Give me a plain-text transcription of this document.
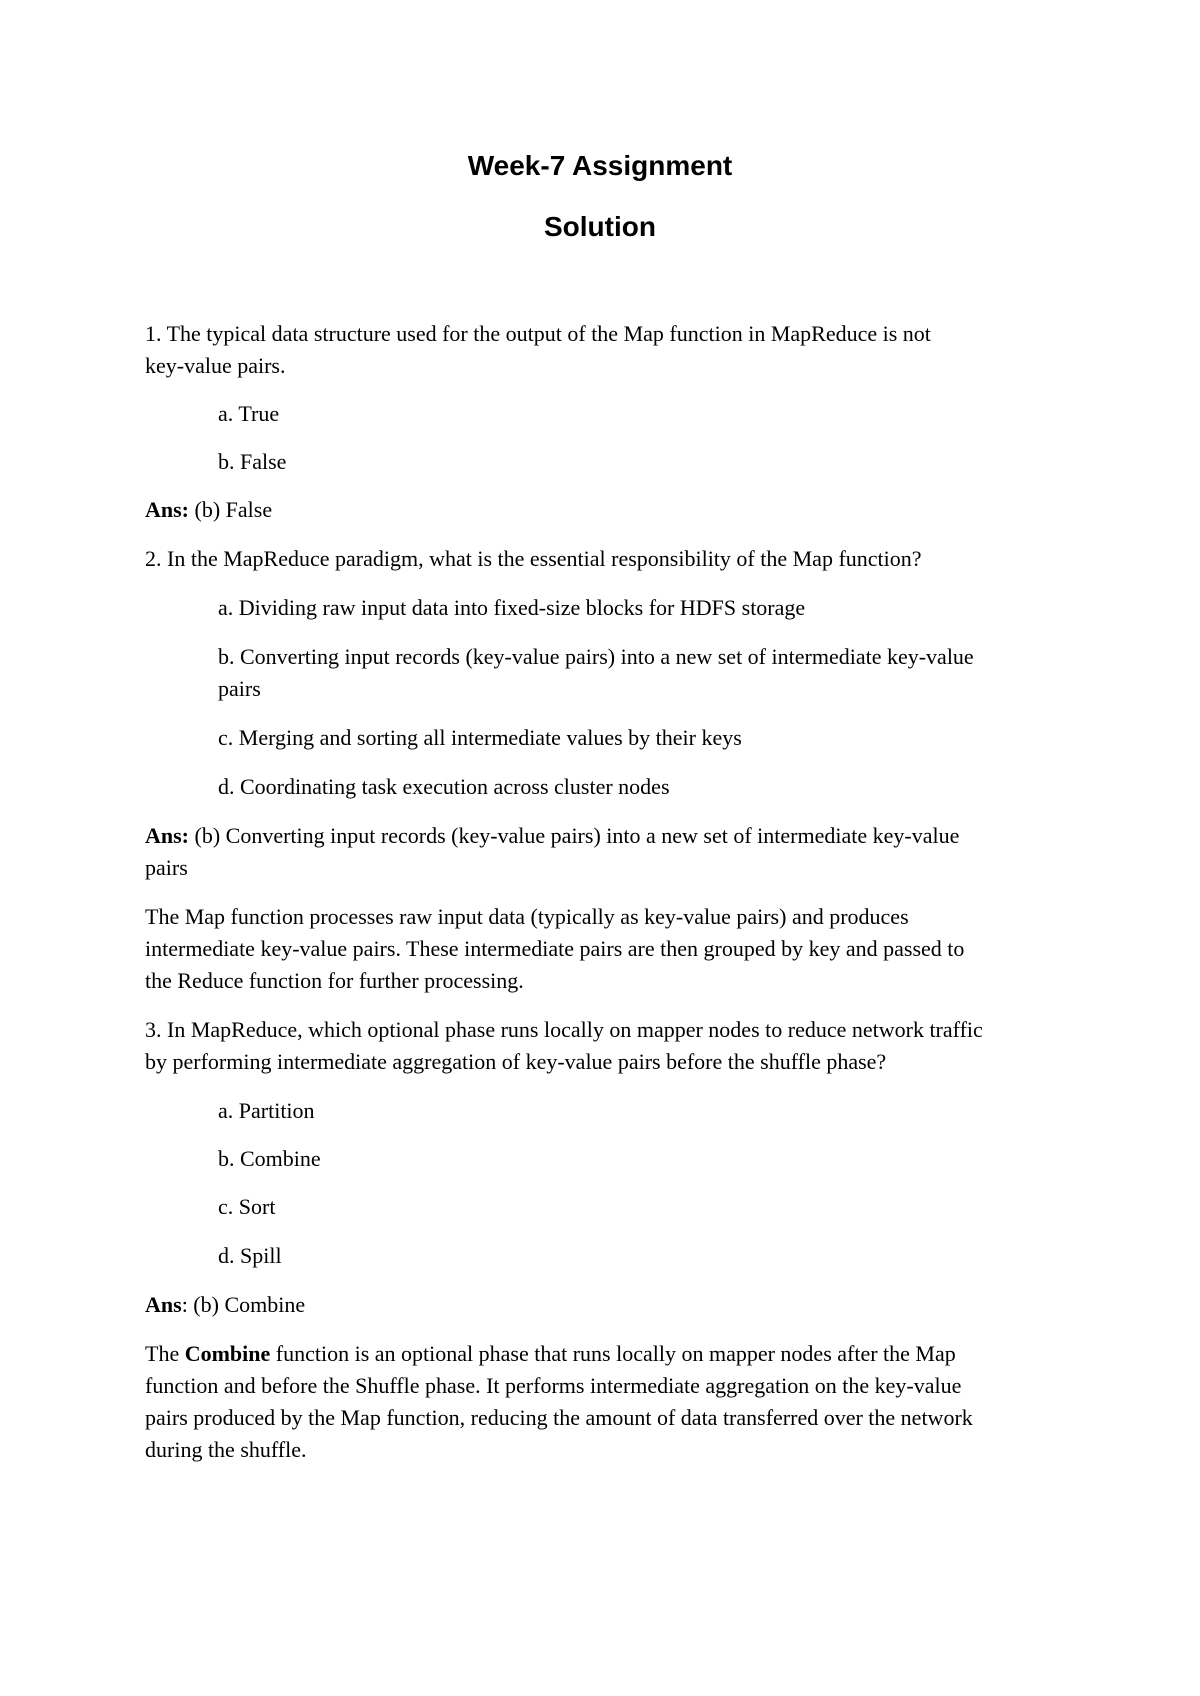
Week-7 Assignment
Solution
1. The typical data structure used for the output of the Map function in MapReduce is not
key-value pairs.
a. True
b. False
Ans: (b) False
2. In the MapReduce paradigm, what is the essential responsibility of the Map function?
a. Dividing raw input data into fixed-size blocks for HDFS storage
b. Converting input records (key-value pairs) into a new set of intermediate key-value
pairs
c. Merging and sorting all intermediate values by their keys
d. Coordinating task execution across cluster nodes
Ans: (b) Converting input records (key-value pairs) into a new set of intermediate key-value
pairs
The Map function processes raw input data (typically as key-value pairs) and produces
intermediate key-value pairs. These intermediate pairs are then grouped by key and passed to
the Reduce function for further processing.
3. In MapReduce, which optional phase runs locally on mapper nodes to reduce network traffic
by performing intermediate aggregation of key-value pairs before the shuffle phase?
a. Partition
b. Combine
c. Sort
d. Spill
Ans: (b) Combine
The Combine function is an optional phase that runs locally on mapper nodes after the Map
function and before the Shuffle phase. It performs intermediate aggregation on the key-value
pairs produced by the Map function, reducing the amount of data transferred over the network
during the shuffle.
